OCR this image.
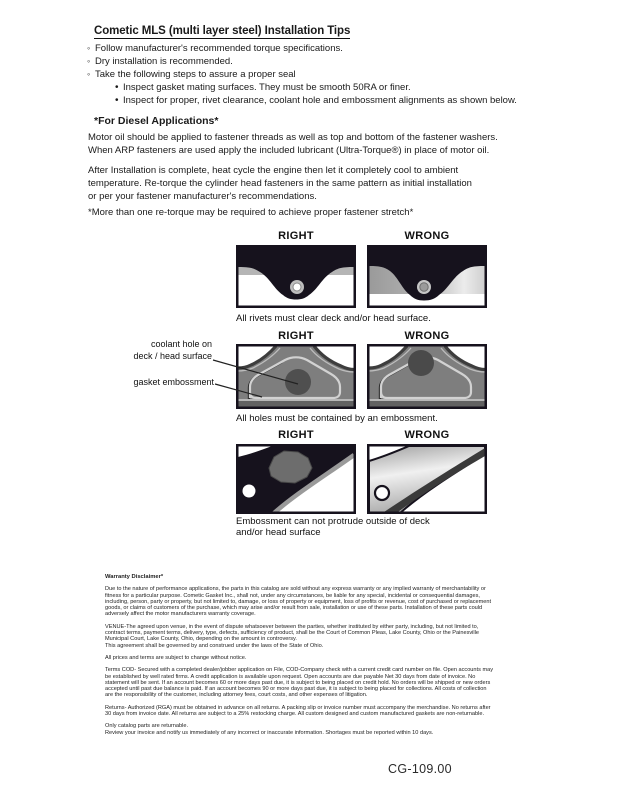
Cometic MLS (multi layer steel) Installation Tips
◦ Follow manufacturer's recommended torque specifications.
◦ Dry installation is recommended.
◦ Take the following steps to assure a proper seal
• Inspect gasket mating surfaces. They must be smooth 50RA or finer.
• Inspect for proper, rivet clearance, coolant hole and embossment alignments as shown below.
*For Diesel Applications*
Motor oil should be applied to fastener threads as well as top and bottom of the fastener washers.
When ARP fasteners are used apply the included lubricant (Ultra-Torque®) in place of motor oil.
After Installation is complete, heat cycle the engine then let it completely cool to ambient
temperature. Re-torque the cylinder head fasteners in the same pattern as initial installation
or per your fastener manufacturer's recommendations.
*More than one re-torque may be required to achieve proper fastener stretch*
RIGHT	WRONG
All rivets must clear deck and/or head surface.
RIGHT	WRONG
All holes must be contained by an embossment.
coolant hole on
deck / head surface
gasket embossment
RIGHT	WRONG
Embossment can not protrude outside of deck
and/or head surface
Warranty Disclaimer*
Due to the nature of performance applications, the parts in this catalog are sold without any express warranty or any implied warranty of merchantability or
fitness for a particular purpose. Cometic Gasket Inc., shall not, under any circumstances, be liable for any special, incidental or consequential damages,
including, person, party or property, but not limited to, damage, or loss of property or equipment, loss of profits or revenue, cost of purchased or replacement
goods, or claims of customers of the purchase, which may arise and/or result from sale, installation or use of these parts. Installation of these parts could
adversely affect the motor manufacturers warranty coverage.
VENUE-The agreed upon venue, in the event of dispute whatsoever between the parties, whether instituted by either party, including, but not limited to,
contract terms, payment terms, delivery, type, defects, sufficiency of product, shall be the Court of Common Pleas, Lake County, Ohio or the Painesville
Municipal Court, Lake County, Ohio, depending on the amount in controversy.
This agreement shall be governed by and construed under the laws of the State of Ohio.
All prices and terms are subject to change without notice.
Terms COD- Secured with a completed dealer/jobber application on File, COD-Company check with a current credit card number on file. Open accounts may
be established by well rated firms. A credit application is available upon request. Open accounts are due payable Net 30 days from date of invoice. No
statement will be sent. If an account becomes 60 or more days past due, it is subject to being placed on credit hold. No orders will be shipped or new orders
accepted until past due balance is paid. If an account becomes 90 or more days past due, it is subject to being placed for collections. All costs of collection
are the responsibility of the customer, including attorney fees, court costs, and other expenses of litigation.
Returns- Authorized (RGA) must be obtained in advance on all returns. A packing slip or invoice number must accompany the merchandise. No returns after
30 days from invoice date. All returns are subject to a 25% restocking charge. All custom designed and custom manufactured gaskets are non-returnable.
Only catalog parts are returnable.
Review your invoice and notify us immediately of any incorrect or inaccurate information. Shortages must be reported within 10 days.
CG-109.00
